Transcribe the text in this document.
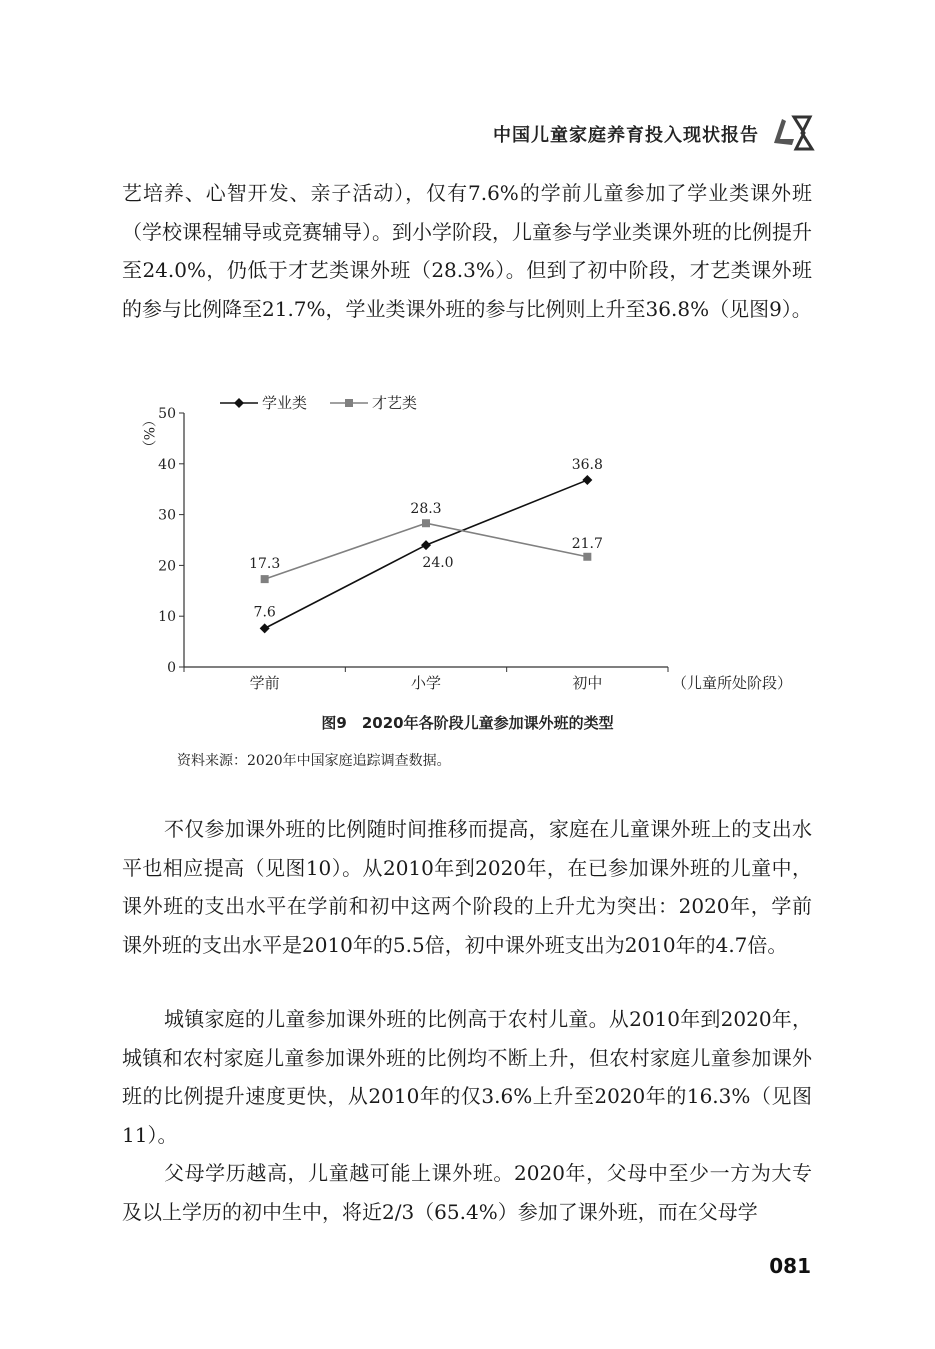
中国儿童家庭养育投入现状报告

艺培养、心智开发、亲子活动），仅有7.6%的学前儿童参加了学业类课外班（学校课程辅导或竞赛辅导）。到小学阶段，儿童参与学业类课外班的比例提升至24.0%，仍低于才艺类课外班（28.3%）。但到了初中阶段，才艺类课外班的参与比例降至21.7%，学业类课外班的参与比例则上升至36.8%（见图9）。

0
10
20
30
40
50
（%）
学前	小学	初中	（儿童所处阶段）
7.6
24.0
36.8
17.3
28.3
21.7
学业类	才艺类
图9　2020年各阶段儿童参加课外班的类型
资料来源：2020年中国家庭追踪调查数据。

不仅参加课外班的比例随时间推移而提高，家庭在儿童课外班上的支出水平也相应提高（见图10）。从2010年到2020年，在已参加课外班的儿童中，课外班的支出水平在学前和初中这两个阶段的上升尤为突出：2020年，学前课外班的支出水平是2010年的5.5倍，初中课外班支出为2010年的4.7倍。

城镇家庭的儿童参加课外班的比例高于农村儿童。从2010年到2020年，城镇和农村家庭儿童参加课外班的比例均不断上升，但农村家庭儿童参加课外班的比例提升速度更快，从2010年的仅3.6%上升至2020年的16.3%（见图11）。

父母学历越高，儿童越可能上课外班。2020年，父母中至少一方为大专及以上学历的初中生中，将近2/3（65.4%）参加了课外班，而在父母学

081
